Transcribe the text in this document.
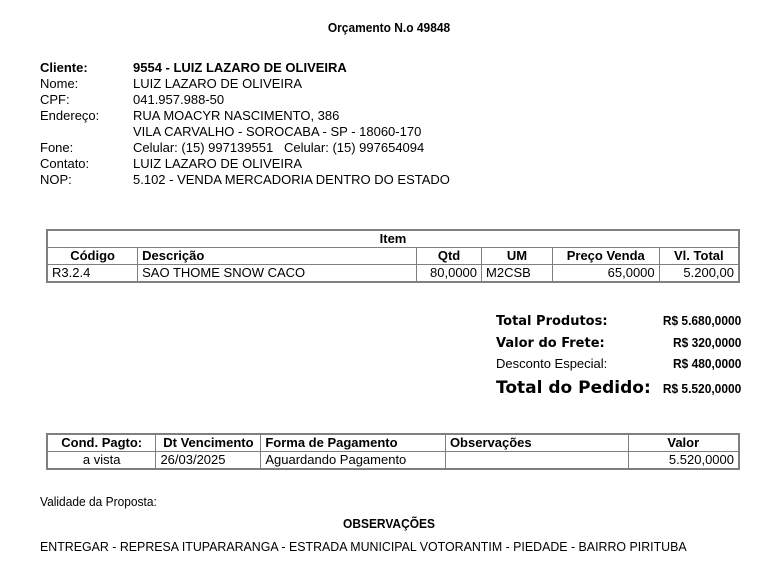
Orçamento N.o 49848
Cliente:	9554 - LUIZ LAZARO DE OLIVEIRA
Nome:	LUIZ LAZARO DE OLIVEIRA
CPF:	041.957.988-50
Endereço:	RUA MOACYR NASCIMENTO, 386
VILA CARVALHO - SOROCABA - SP - 18060-170
Fone:	Celular: (15) 997139551   Celular: (15) 997654094
Contato:	LUIZ LAZARO DE OLIVEIRA
NOP:	5.102 - VENDA MERCADORIA DENTRO DO ESTADO
Item					
Código	Descrição	Qtd	UM	Preço Venda	Vl. Total
R3.2.4	SAO THOME SNOW CACO	80,0000	M2CSB	65,0000	5.200,00
Total Produtos:	R$ 5.680,0000
Valor do Frete:	R$ 320,0000
Desconto Especial:	R$ 480,0000
Total do Pedido: R$ 5.520,0000
Cond. Pagto:	Dt Vencimento	Forma de Pagamento	Observações	Valor
a vista	26/03/2025	Aguardando Pagamento		5.520,0000
Validade da Proposta:
OBSERVAÇÕES
ENTREGAR - REPRESA ITUPARARANGA - ESTRADA MUNICIPAL VOTORANTIM - PIEDADE - BAIRRO PIRITUBA
